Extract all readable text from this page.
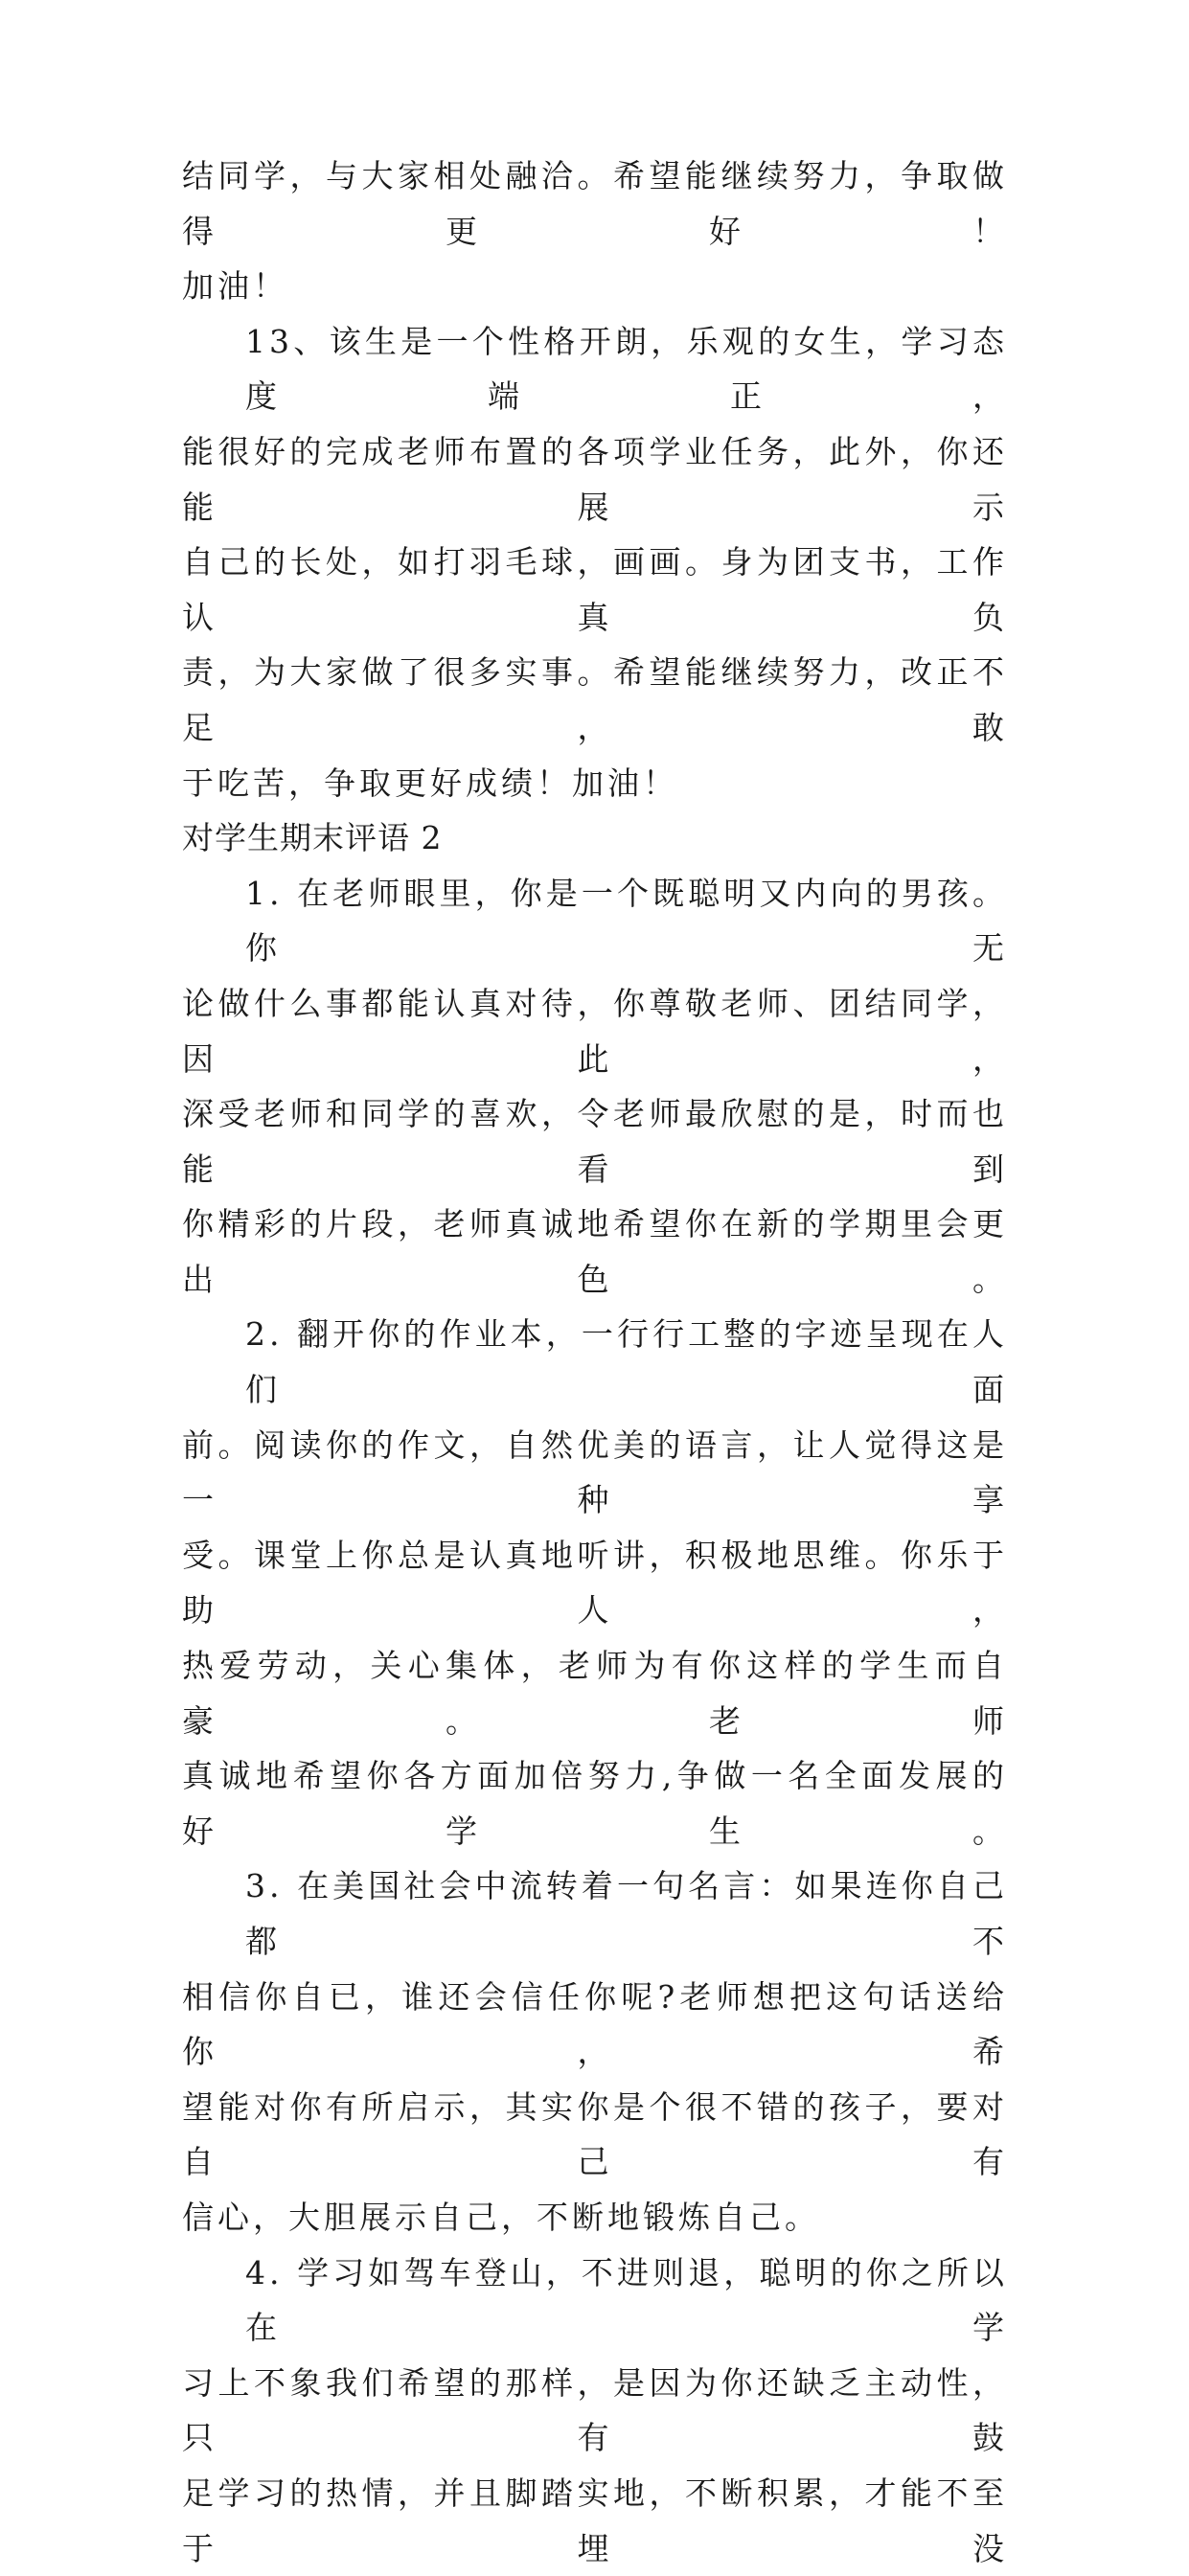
结同学，与大家相处融洽。希望能继续努力，争取做得更好！
加油！
13、该生是一个性格开朗，乐观的女生，学习态度端正，
能很好的完成老师布置的各项学业任务，此外，你还能展示
自己的长处，如打羽毛球，画画。身为团支书，工作认真负
责，为大家做了很多实事。希望能继续努力，改正不足，敢
于吃苦，争取更好成绩！加油！
对学生期末评语 2
1. 在老师眼里，你是一个既聪明又内向的男孩。你无
论做什么事都能认真对待，你尊敬老师、团结同学，因此，
深受老师和同学的喜欢，令老师最欣慰的是，时而也能看到
你精彩的片段，老师真诚地希望你在新的学期里会更出色。
2. 翻开你的作业本，一行行工整的字迹呈现在人们面
前。阅读你的作文，自然优美的语言，让人觉得这是一种享
受。课堂上你总是认真地听讲，积极地思维。你乐于助人，
热爱劳动，关心集体，老师为有你这样的学生而自豪。老师
真诚地希望你各方面加倍努力,争做一名全面发展的好学生。
3. 在美国社会中流转着一句名言：如果连你自己都不
相信你自已，谁还会信任你呢?老师想把这句话送给你，希
望能对你有所启示，其实你是个很不错的孩子，要对自己有
信心，大胆展示自己，不断地锻炼自己。
4. 学习如驾车登山，不进则退，聪明的你之所以在学
习上不象我们希望的那样，是因为你还缺乏主动性，只有鼓
足学习的热情，并且脚踏实地，不断积累，才能不至于埋没
